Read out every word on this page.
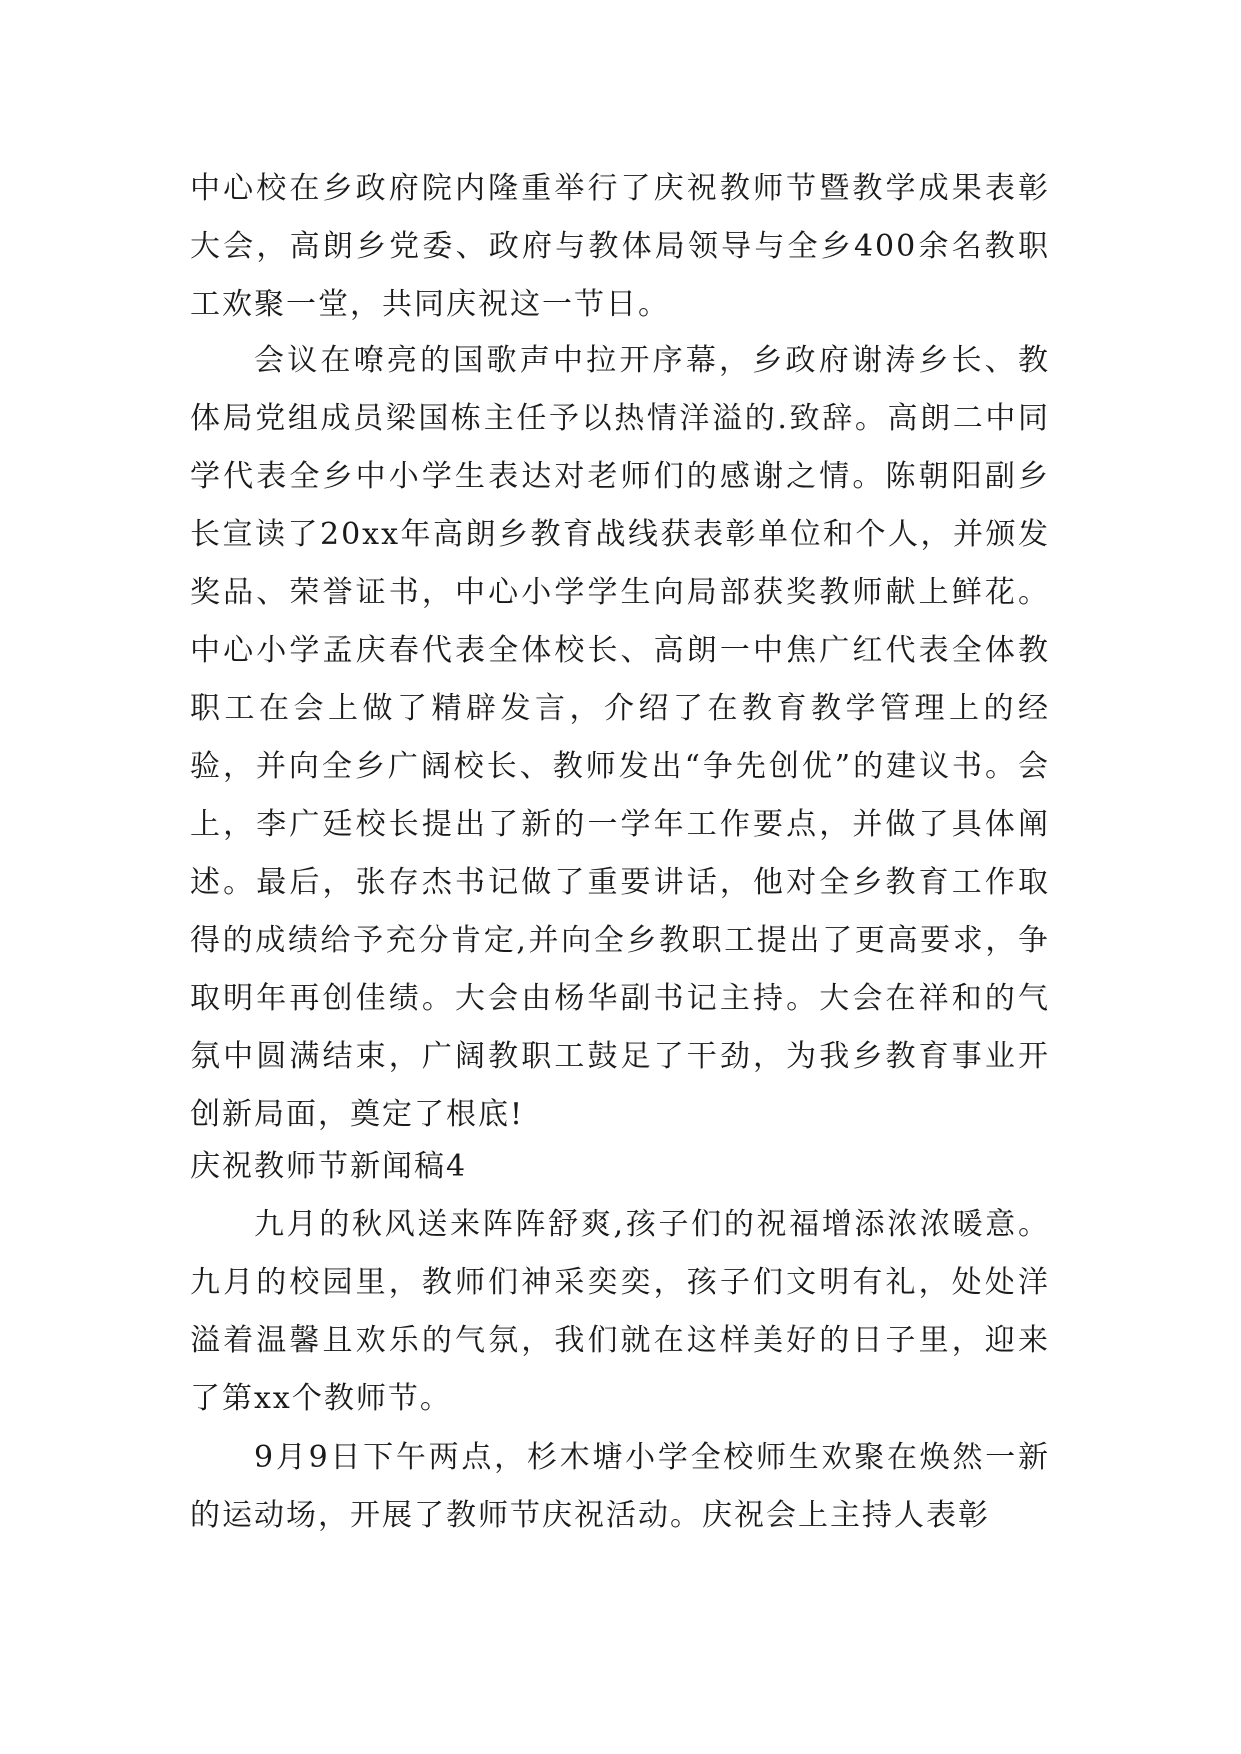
中心校在乡政府院内隆重举行了庆祝教师节暨教学成果表彰大会，高朗乡党委、政府与教体局领导与全乡400余名教职工欢聚一堂，共同庆祝这一节日。
会议在嘹亮的国歌声中拉开序幕，乡政府谢涛乡长、教体局党组成员梁国栋主任予以热情洋溢的.致辞。高朗二中同学代表全乡中小学生表达对老师们的感谢之情。陈朝阳副乡长宣读了20xx年高朗乡教育战线获表彰单位和个人，并颁发奖品、荣誉证书，中心小学学生向局部获奖教师献上鲜花。中心小学孟庆春代表全体校长、高朗一中焦广红代表全体教职工在会上做了精辟发言，介绍了在教育教学管理上的经验，并向全乡广阔校长、教师发出“争先创优”的建议书。会上，李广廷校长提出了新的一学年工作要点，并做了具体阐述。最后，张存杰书记做了重要讲话，他对全乡教育工作取得的成绩给予充分肯定,并向全乡教职工提出了更高要求，争取明年再创佳绩。大会由杨华副书记主持。大会在祥和的气氛中圆满结束，广阔教职工鼓足了干劲，为我乡教育事业开创新局面，奠定了根底!
庆祝教师节新闻稿4
九月的秋风送来阵阵舒爽,孩子们的祝福增添浓浓暖意。九月的校园里，教师们神采奕奕，孩子们文明有礼，处处洋溢着温馨且欢乐的气氛，我们就在这样美好的日子里，迎来了第xx个教师节。
9月9日下午两点，杉木塘小学全校师生欢聚在焕然一新的运动场，开展了教师节庆祝活动。庆祝会上主持人表彰
